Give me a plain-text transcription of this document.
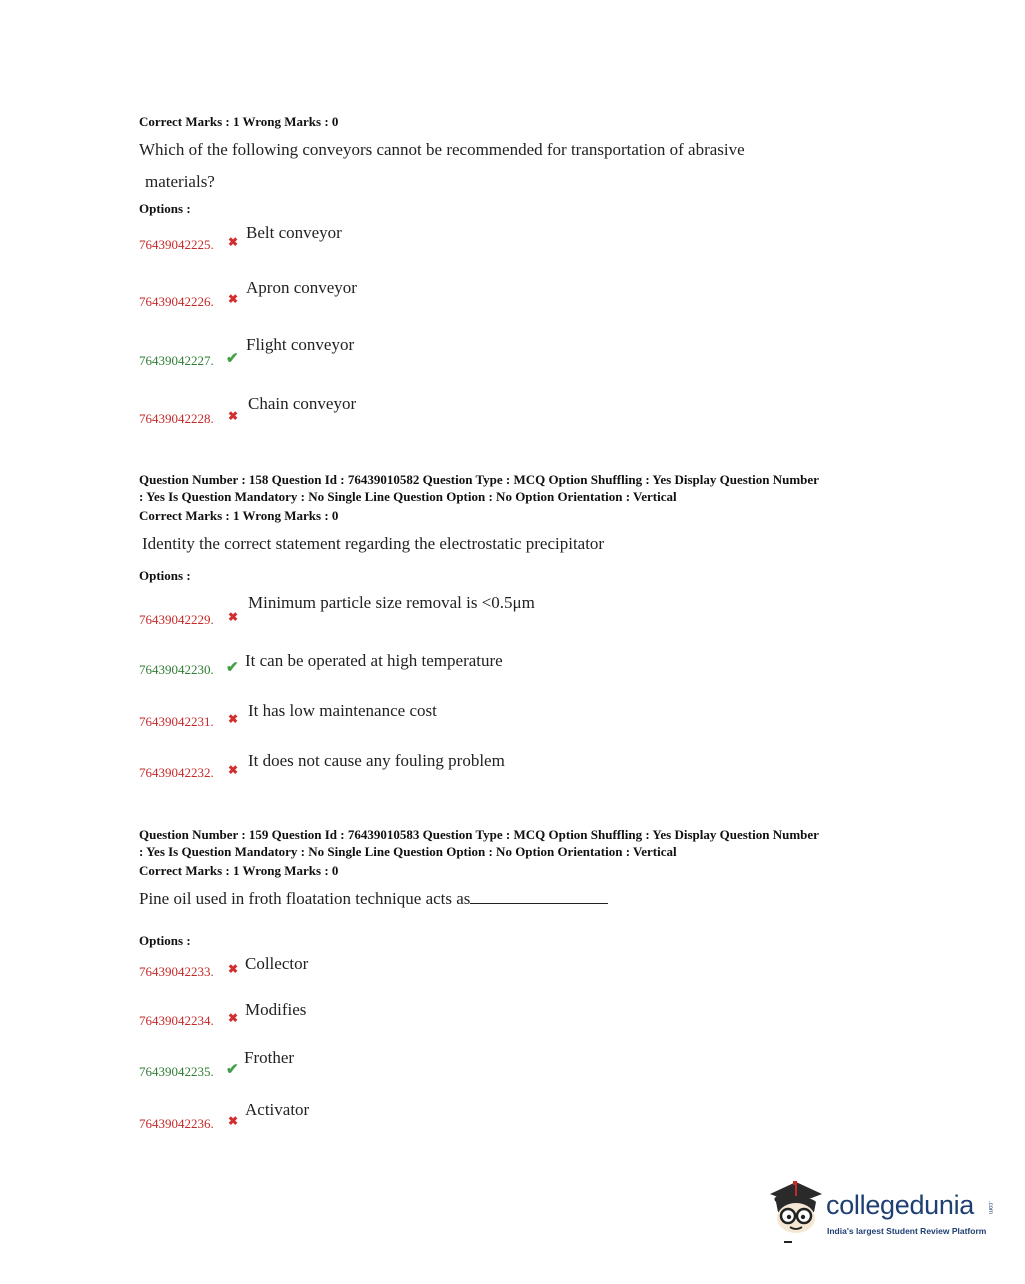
Correct Marks : 1 Wrong Marks : 0
Which of the following conveyors cannot be recommended for transportation of abrasive
materials?
Options :
76439042225. ✖ Belt conveyor
76439042226. ✖
Apron conveyor
76439042227. ✔
Flight conveyor
76439042228. ✖
Chain conveyor
Question Number : 158 Question Id : 76439010582 Question Type : MCQ Option Shuffling : Yes Display Question Number
: Yes Is Question Mandatory : No Single Line Question Option : No Option Orientation : Vertical
Correct Marks : 1 Wrong Marks : 0
Identity the correct statement regarding the electrostatic precipitator
Options :
76439042229. ✖
Minimum particle size removal is <0.5μm
76439042230. ✔ It can be operated at high temperature
76439042231. ✖ It has low maintenance cost
76439042232. ✖ It does not cause any fouling problem
Question Number : 159 Question Id : 76439010583 Question Type : MCQ Option Shuffling : Yes Display Question Number
: Yes Is Question Mandatory : No Single Line Question Option : No Option Orientation : Vertical
Correct Marks : 1 Wrong Marks : 0
Pine oil used in froth floatation technique acts as
Options :
76439042233. ✖ Collector
76439042234. ✖ Modifies
76439042235. ✔
Frother
76439042236. ✖
Activator
collegedunia .com
India's largest Student Review Platform
